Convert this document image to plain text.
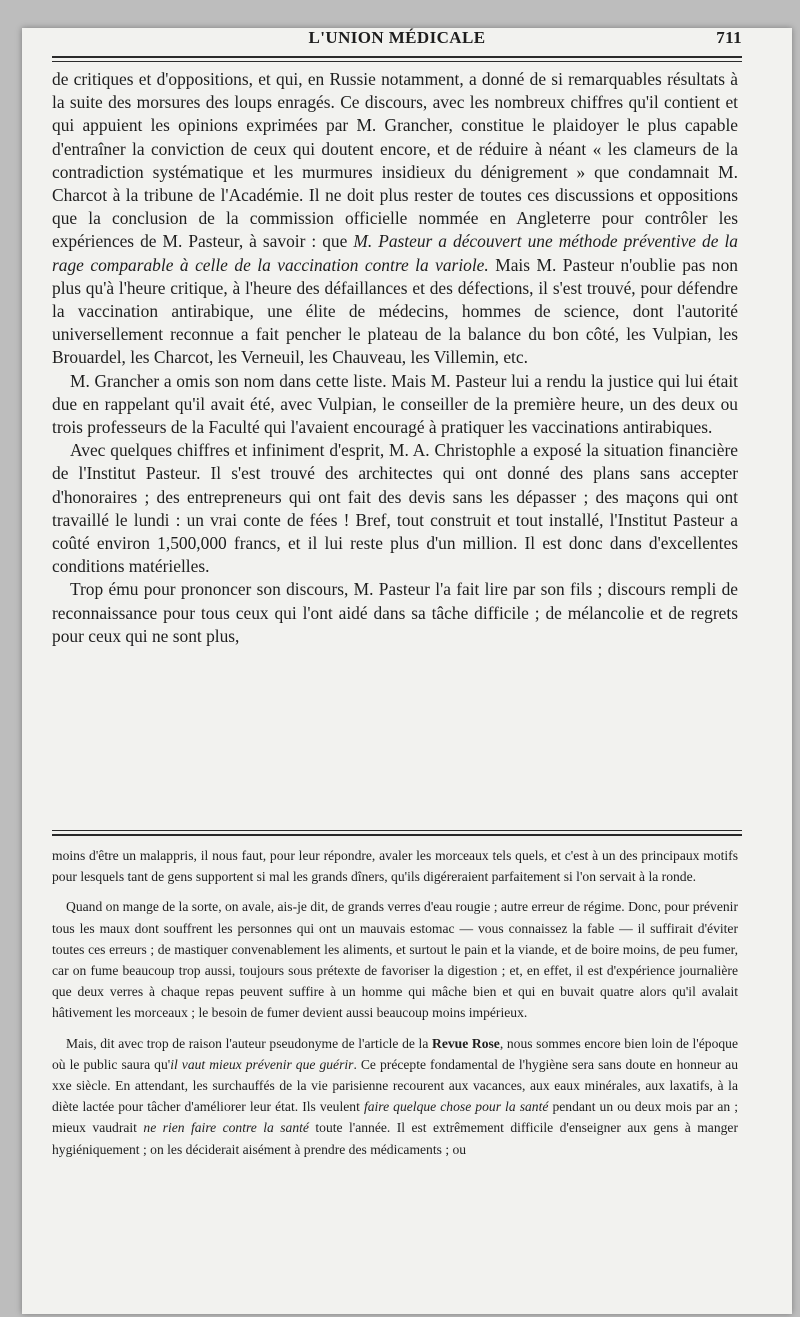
L'UNION MÉDICALE	711

de critiques et d'oppositions, et qui, en Russie notamment, a donné de si remarquables résultats à la suite des morsures des loups enragés. Ce discours, avec les nombreux chiffres qu'il contient et qui appuient les opinions exprimées par M. Grancher, constitue le plaidoyer le plus capable d'entraîner la conviction de ceux qui doutent encore, et de réduire à néant « les clameurs de la contradiction systématique et les murmures insidieux du dénigrement » que condamnait M. Charcot à la tribune de l'Académie. Il ne doit plus rester de toutes ces discussions et oppositions que la conclusion de la commission officielle nommée en Angleterre pour contrôler les expériences de M. Pasteur, à savoir : que M. Pasteur a découvert une méthode préventive de la rage comparable à celle de la vaccination contre la variole. Mais M. Pasteur n'oublie pas non plus qu'à l'heure critique, à l'heure des défaillances et des défections, il s'est trouvé, pour défendre la vaccination antirabique, une élite de médecins, hommes de science, dont l'autorité universellement reconnue a fait pencher le plateau de la balance du bon côté, les Vulpian, les Brouardel, les Charcot, les Verneuil, les Chauveau, les Villemin, etc.

M. Grancher a omis son nom dans cette liste. Mais M. Pasteur lui a rendu la justice qui lui était due en rappelant qu'il avait été, avec Vulpian, le conseiller de la première heure, un des deux ou trois professeurs de la Faculté qui l'avaient encouragé à pratiquer les vaccinations antirabiques.

Avec quelques chiffres et infiniment d'esprit, M. A. Christophle a exposé la situation financière de l'Institut Pasteur. Il s'est trouvé des architectes qui ont donné des plans sans accepter d'honoraires ; des entrepreneurs qui ont fait des devis sans les dépasser ; des maçons qui ont travaillé le lundi : un vrai conte de fées ! Bref, tout construit et tout installé, l'Institut Pasteur a coûté environ 1,500,000 francs, et il lui reste plus d'un million. Il est donc dans d'excellentes conditions matérielles.

Trop ému pour prononcer son discours, M. Pasteur l'a fait lire par son fils ; discours rempli de reconnaissance pour tous ceux qui l'ont aidé dans sa tâche difficile ; de mélancolie et de regrets pour ceux qui ne sont plus,

moins d'être un malappris, il nous faut, pour leur répondre, avaler les morceaux tels quels, et c'est à un des principaux motifs pour lesquels tant de gens supportent si mal les grands dîners, qu'ils digéreraient parfaitement si l'on servait à la ronde.

Quand on mange de la sorte, on avale, ais-je dit, de grands verres d'eau rougie ; autre erreur de régime. Donc, pour prévenir tous les maux dont souffrent les personnes qui ont un mauvais estomac — vous connaissez la fable — il suffirait d'éviter toutes ces erreurs ; de mastiquer convenablement les aliments, et surtout le pain et la viande, et de boire moins, de peu fumer, car on fume beaucoup trop aussi, toujours sous prétexte de favoriser la digestion ; et, en effet, il est d'expérience journalière que deux verres à chaque repas peuvent suffire à un homme qui mâche bien et qui en buvait quatre alors qu'il avalait hâtivement les morceaux ; le besoin de fumer devient aussi beaucoup moins impérieux.

Mais, dit avec trop de raison l'auteur pseudonyme de l'article de la Revue Rose, nous sommes encore bien loin de l'époque où le public saura qu'il vaut mieux prévenir que guérir. Ce précepte fondamental de l'hygiène sera sans doute en honneur au xxe siècle. En attendant, les surchauffés de la vie parisienne recourent aux vacances, aux eaux minérales, aux laxatifs, à la diète lactée pour tâcher d'améliorer leur état. Ils veulent faire quelque chose pour la santé pendant un ou deux mois par an ; mieux vaudrait ne rien faire contre la santé toute l'année. Il est extrêmement difficile d'enseigner aux gens à manger hygiéniquement ; on les déciderait aisément à prendre des médicaments ; ou
